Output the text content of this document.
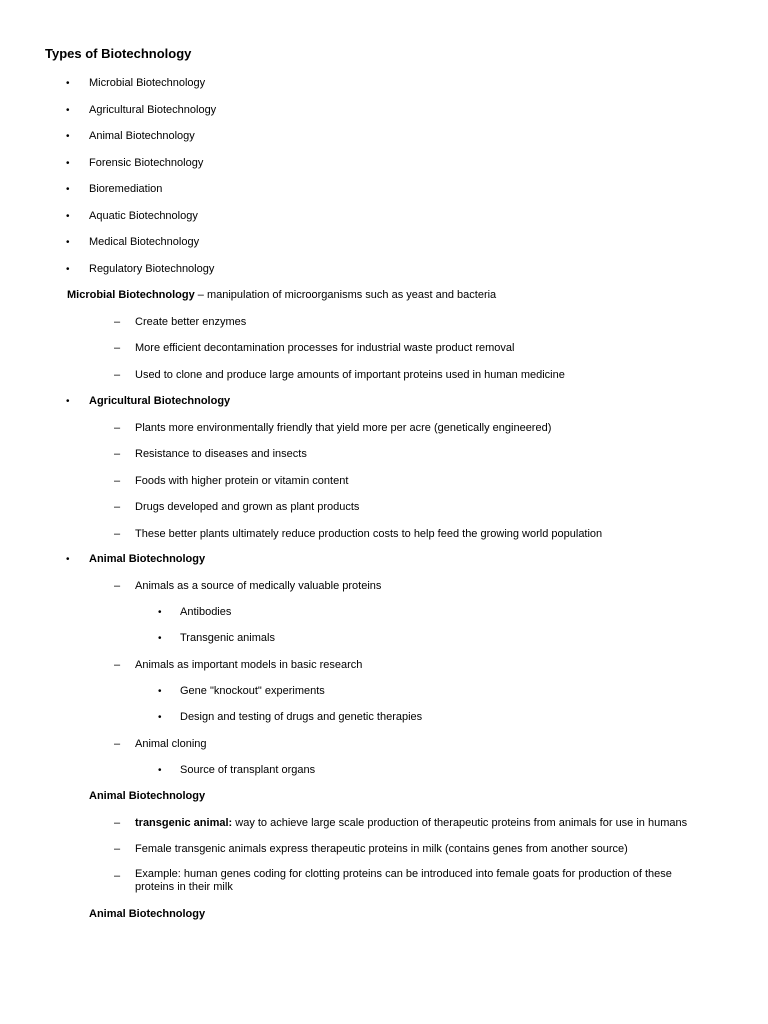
Types of Biotechnology
• Microbial Biotechnology
• Agricultural Biotechnology
• Animal Biotechnology
• Forensic Biotechnology
• Bioremediation
• Aquatic Biotechnology
• Medical Biotechnology
• Regulatory Biotechnology
Microbial Biotechnology – manipulation of microorganisms such as yeast and bacteria
– Create better enzymes
– More efficient decontamination processes for industrial waste product removal
– Used to clone and produce large amounts of important proteins used in human medicine
• Agricultural Biotechnology
– Plants more environmentally friendly that yield more per acre (genetically engineered)
– Resistance to diseases and insects
– Foods with higher protein or vitamin content
– Drugs developed and grown as plant products
– These better plants ultimately reduce production costs to help feed the growing world population
• Animal Biotechnology
– Animals as a source of medically valuable proteins
• Antibodies
• Transgenic animals
– Animals as important models in basic research
• Gene "knockout" experiments
• Design and testing of drugs and genetic therapies
– Animal cloning
• Source of transplant organs
Animal Biotechnology
– transgenic animal: way to achieve large scale production of therapeutic proteins from animals for use in humans
– Female transgenic animals express therapeutic proteins in milk (contains genes from another source)
– Example: human genes coding for clotting proteins can be introduced into female goats for production of these proteins in their milk
Animal Biotechnology
